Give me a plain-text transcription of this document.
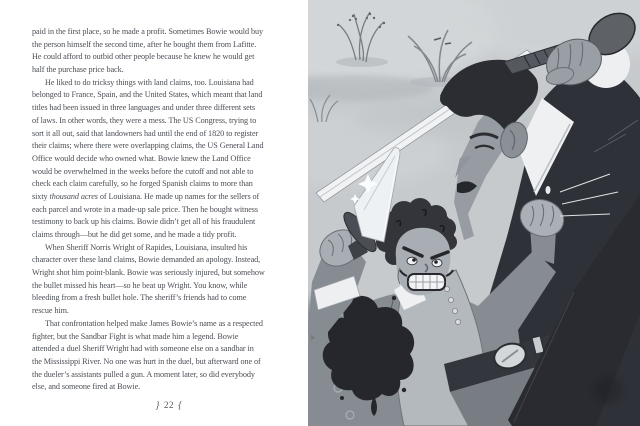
paid in the first place, so he made a profit. Sometimes Bowie would buy
the person himself the second time, after he bought them from Lafitte.
He could afford to outbid other people because he knew he would get
half the purchase price back.
He liked to do tricksy things with land claims, too. Louisiana had
belonged to France, Spain, and the United States, which meant that land
titles had been issued in three languages and under three different sets
of laws. In other words, they were a mess. The US Congress, trying to
sort it all out, said that landowners had until the end of 1820 to register
their claims; where there were overlapping claims, the US General Land
Office would decide who owned what. Bowie knew the Land Office
would be overwhelmed in the weeks before the cutoff and not able to
check each claim carefully, so he forged Spanish claims to more than
sixty thousand acres of Louisiana. He made up names for the sellers of
each parcel and wrote in a made-up sale price. Then he bought witness
testimony to back up his claims. Bowie didn’t get all of his fraudulent
claims through—but he did get some, and he made a tidy profit.
When Sheriff Norris Wright of Rapides, Louisiana, insulted his
character over these land claims, Bowie demanded an apology. Instead,
Wright shot him point-blank. Bowie was seriously injured, but somehow
the bullet missed his heart—so he beat up Wright. You know, while
bleeding from a fresh bullet hole. The sheriff’s friends had to come
rescue him.
That confrontation helped make James Bowie’s name as a respected
fighter, but the Sandbar Fight is what made him a legend. Bowie
attended a duel Sheriff Wright had with someone else on a sandbar in
the Mississippi River. No one was hurt in the duel, but afterward one of
the dueler’s assistants pulled a gun. A moment later, so did everybody
else, and someone fired at Bowie.
} 22 {
